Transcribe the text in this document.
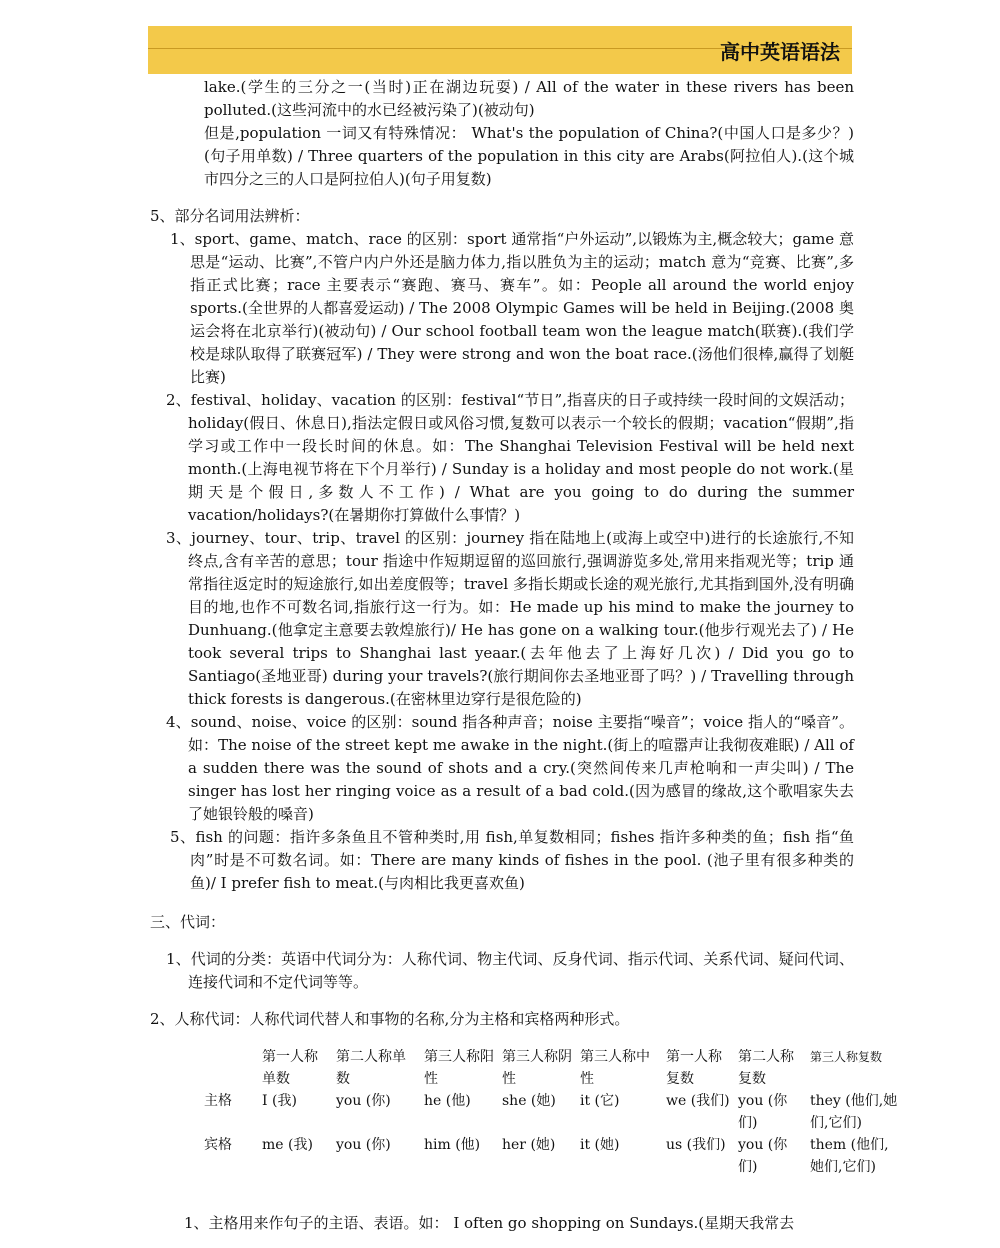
高中英语语法

lake.(学生的三分之一(当时)正在湖边玩耍) / All of the water in these rivers has been polluted.(这些河流中的水已经被污染了)(被动句)

但是,population 一词又有特殊情况： What's the population of China?(中国人口是多少？)(句子用单数) / Three quarters of the population in this city are Arabs(阿拉伯人).(这个城市四分之三的人口是阿拉伯人)(句子用复数)

5、部分名词用法辨析：

1、sport、game、match、race 的区别：sport 通常指“户外运动”,以锻炼为主,概念较大；game 意思是“运动、比赛”,不管户内户外还是脑力体力,指以胜负为主的运动；match 意为“竞赛、比赛”,多指正式比赛；race 主要表示“赛跑、赛马、赛车”。如：People all around the world enjoy sports.(全世界的人都喜爱运动) / The 2008 Olympic Games will be held in Beijing.(2008 奥运会将在北京举行)(被动句) / Our school football team won the league match(联赛).(我们学校是球队取得了联赛冠军) / They were strong and won the boat race.(汤他们很棒,赢得了划艇比赛)

2、festival、holiday、vacation 的区别：festival“节日”,指喜庆的日子或持续一段时间的文娱活动；holiday(假日、休息日),指法定假日或风俗习惯,复数可以表示一个较长的假期；vacation“假期”,指学习或工作中一段长时间的休息。如：The Shanghai Television Festival will be held next month.(上海电视节将在下个月举行) / Sunday is a holiday and most people do not work.(星期天是个假日,多数人不工作) / What are you going to do during the summer vacation/holidays?(在暑期你打算做什么事情？)

3、journey、tour、trip、travel 的区别：journey 指在陆地上(或海上或空中)进行的长途旅行,不知终点,含有辛苦的意思；tour 指途中作短期逗留的巡回旅行,强调游览多处,常用来指观光等；trip 通常指往返定时的短途旅行,如出差度假等；travel 多指长期或长途的观光旅行,尤其指到国外,没有明确目的地,也作不可数名词,指旅行这一行为。如：He made up his mind to make the journey to Dunhuang.(他拿定主意要去敦煌旅行)/ He has gone on a walking tour.(他步行观光去了) / He took several trips to Shanghai last yeaar.(去年他去了上海好几次) / Did you go to Santiago(圣地亚哥) during your travels?(旅行期间你去圣地亚哥了吗？) / Travelling through thick forests is dangerous.(在密林里边穿行是很危险的)

4、sound、noise、voice 的区别：sound 指各种声音；noise 主要指“噪音”；voice 指人的“嗓音”。如：The noise of the street kept me awake in the night.(街上的喧嚣声让我彻夜难眠) / All of a sudden there was the sound of shots and a cry.(突然间传来几声枪响和一声尖叫) / The singer has lost her ringing voice as a result of a bad cold.(因为感冒的缘故,这个歌唱家失去了她银铃般的嗓音)

5、fish 的问题：指许多条鱼且不管种类时,用 fish,单复数相同；fishes 指许多种类的鱼；fish 指“鱼肉”时是不可数名词。如：There are many kinds of fishes in the pool. (池子里有很多种类的鱼)/ I prefer fish to meat.(与肉相比我更喜欢鱼)

三、代词：

1、代词的分类：英语中代词分为：人称代词、物主代词、反身代词、指示代词、关系代词、疑问代词、连接代词和不定代词等等。

2、人称代词：人称代词代替人和事物的名称,分为主格和宾格两种形式。

	第一人称单数	第二人称单数	第三人称阳性	第三人称阴性	第三人称中性	第一人称复数	第二人称复数	第三人称复数
主格	I (我)	you (你)	he (他)	she (她)	it (它)	we (我们)	you (你们)	they (他们,她们,它们)
宾格	me (我)	you (你)	him (他)	her (她)	it (她)	us (我们)	you (你们)	them (他们,她们,它们)
1、主格用来作句子的主语、表语。如： I often go shopping on Sundays.(星期天我常去
